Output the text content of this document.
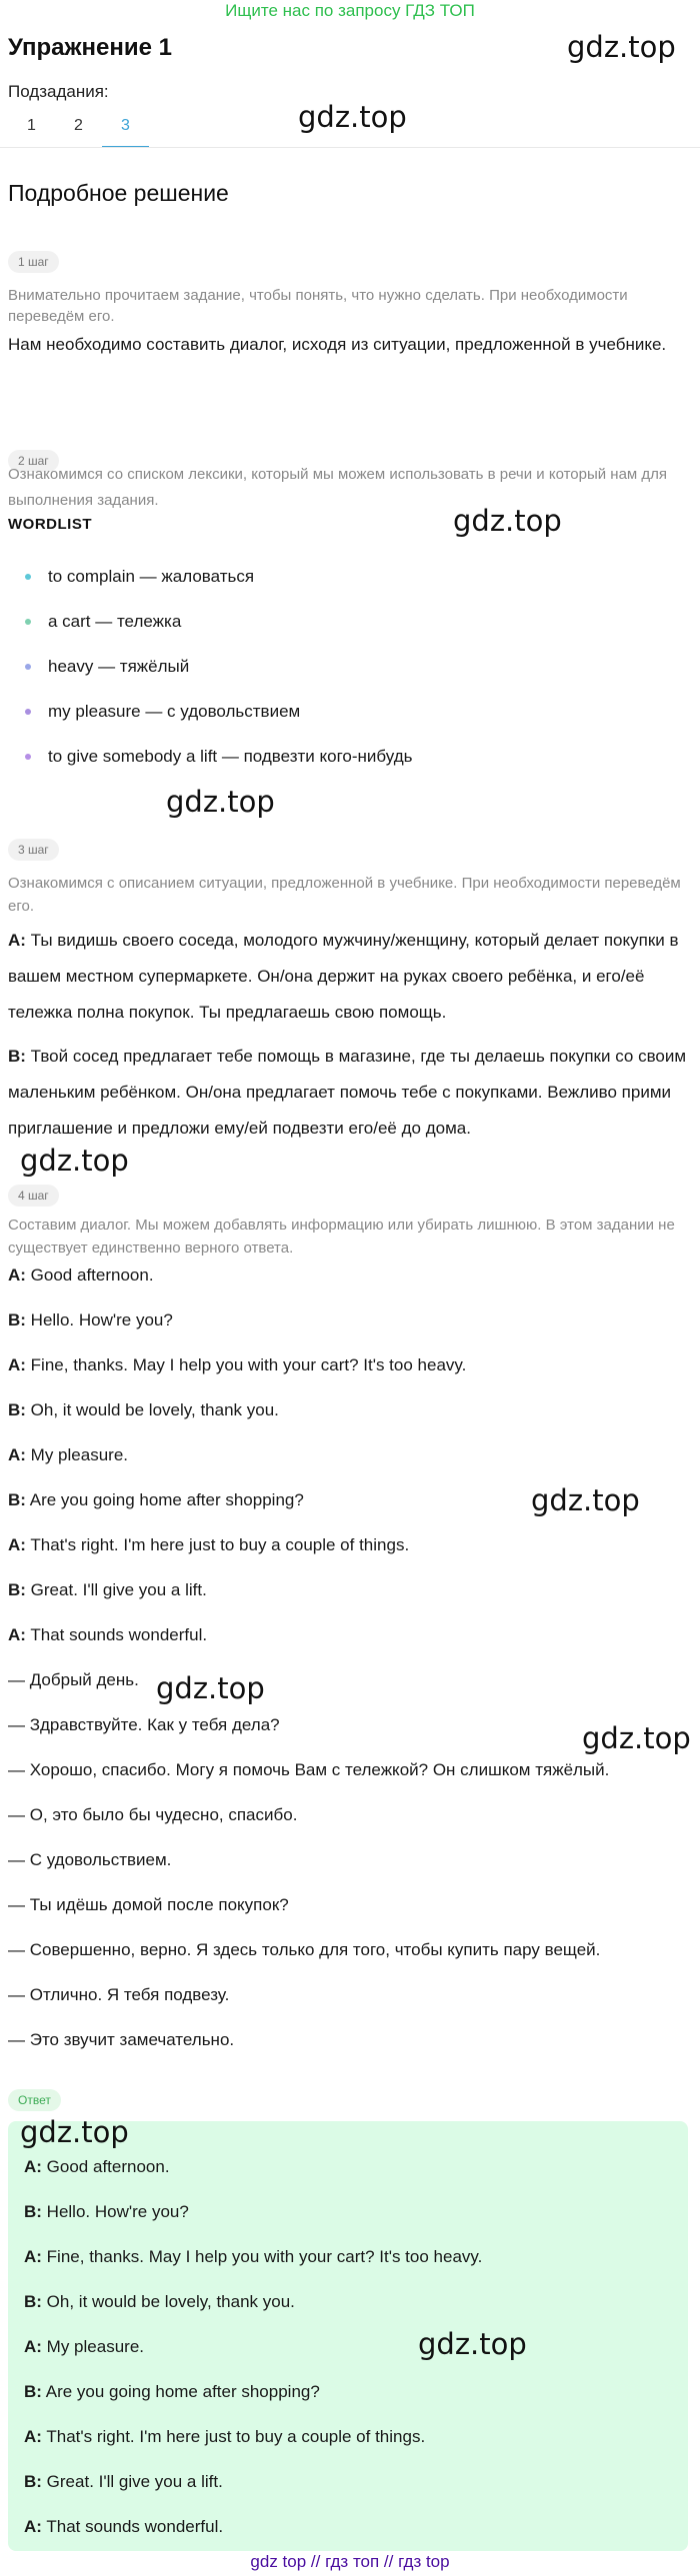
Ищите нас по запросу ГДЗ ТОП
Упражнение 1
Подзадания:
1	2	3
Подробное решение
1 шаг
Внимательно прочитаем задание, чтобы понять, что нужно сделать. При необходимости переведём его.
Нам необходимо составить диалог, исходя из ситуации, предложенной в учебнике.
2 шаг
Ознакомимся со списком лексики, который мы можем использовать в речи и который нам для выполнения задания.
WORDLIST
to complain — жаловаться
a cart — тележка
heavy — тяжёлый
my pleasure — с удовольствием
to give somebody a lift — подвезти кого-нибудь
3 шаг
Ознакомимся с описанием ситуации, предложенной в учебнике. При необходимости переведём его.
A: Ты видишь своего соседа, молодого мужчину/женщину, который делает покупки в вашем местном супермаркете. Он/она держит на руках своего ребёнка, и его/её тележка полна покупок. Ты предлагаешь свою помощь.
B: Твой сосед предлагает тебе помощь в магазине, где ты делаешь покупки со своим маленьким ребёнком. Он/она предлагает помочь тебе с покупками. Вежливо прими приглашение и предложи ему/ей подвезти его/её до дома.
4 шаг
Составим диалог. Мы можем добавлять информацию или убирать лишнюю. В этом задании не существует единственно верного ответа.
A: Good afternoon.
B: Hello. How're you?
A: Fine, thanks. May I help you with your cart? It's too heavy.
B: Oh, it would be lovely, thank you.
A: My pleasure.
B: Are you going home after shopping?
A: That's right. I'm here just to buy a couple of things.
B: Great. I'll give you a lift.
A: That sounds wonderful.
— Добрый день.
— Здравствуйте. Как у тебя дела?
— Хорошо, спасибо. Могу я помочь Вам с тележкой? Он слишком тяжёлый.
— О, это было бы чудесно, спасибо.
— С удовольствием.
— Ты идёшь домой после покупок?
— Совершенно, верно. Я здесь только для того, чтобы купить пару вещей.
— Отлично. Я тебя подвезу.
— Это звучит замечательно.
Ответ
A: Good afternoon.
B: Hello. How're you?
A: Fine, thanks. May I help you with your cart? It's too heavy.
B: Oh, it would be lovely, thank you.
A: My pleasure.
B: Are you going home after shopping?
A: That's right. I'm here just to buy a couple of things.
B: Great. I'll give you a lift.
A: That sounds wonderful.
gdz top // гдз топ // гдз top
gdz.top
gdz.top
gdz.top
gdz.top
gdz.top
gdz.top
gdz.top
gdz.top
gdz.top
gdz.top
